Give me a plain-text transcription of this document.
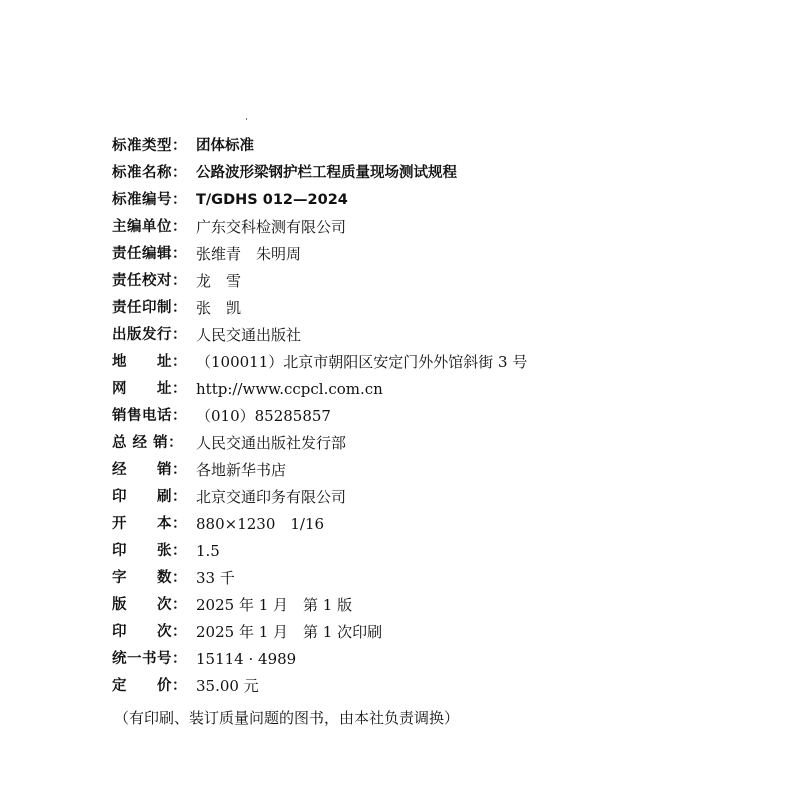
标准类型： 团体标准
标准名称： 公路波形梁钢护栏工程质量现场测试规程
标准编号： T/GDHS 012—2024
主编单位： 广东交科检测有限公司
责任编辑： 张维青　朱明周
责任校对： 龙　雪
责任印制： 张　凯
出版发行： 人民交通出版社
地　　址： （100011）北京市朝阳区安定门外外馆斜街 3 号
网　　址： http://www.ccpcl.com.cn
销售电话： （010）85285857
总 经 销： 人民交通出版社发行部
经　　销： 各地新华书店
印　　刷： 北京交通印务有限公司
开　　本： 880×1230　1/16
印　　张： 1.5
字　　数： 33 千
版　　次： 2025 年 1 月　第 1 版
印　　次： 2025 年 1 月　第 1 次印刷
统一书号： 15114 · 4989
定　　价： 35.00 元
（有印刷、装订质量问题的图书，由本社负责调换）
